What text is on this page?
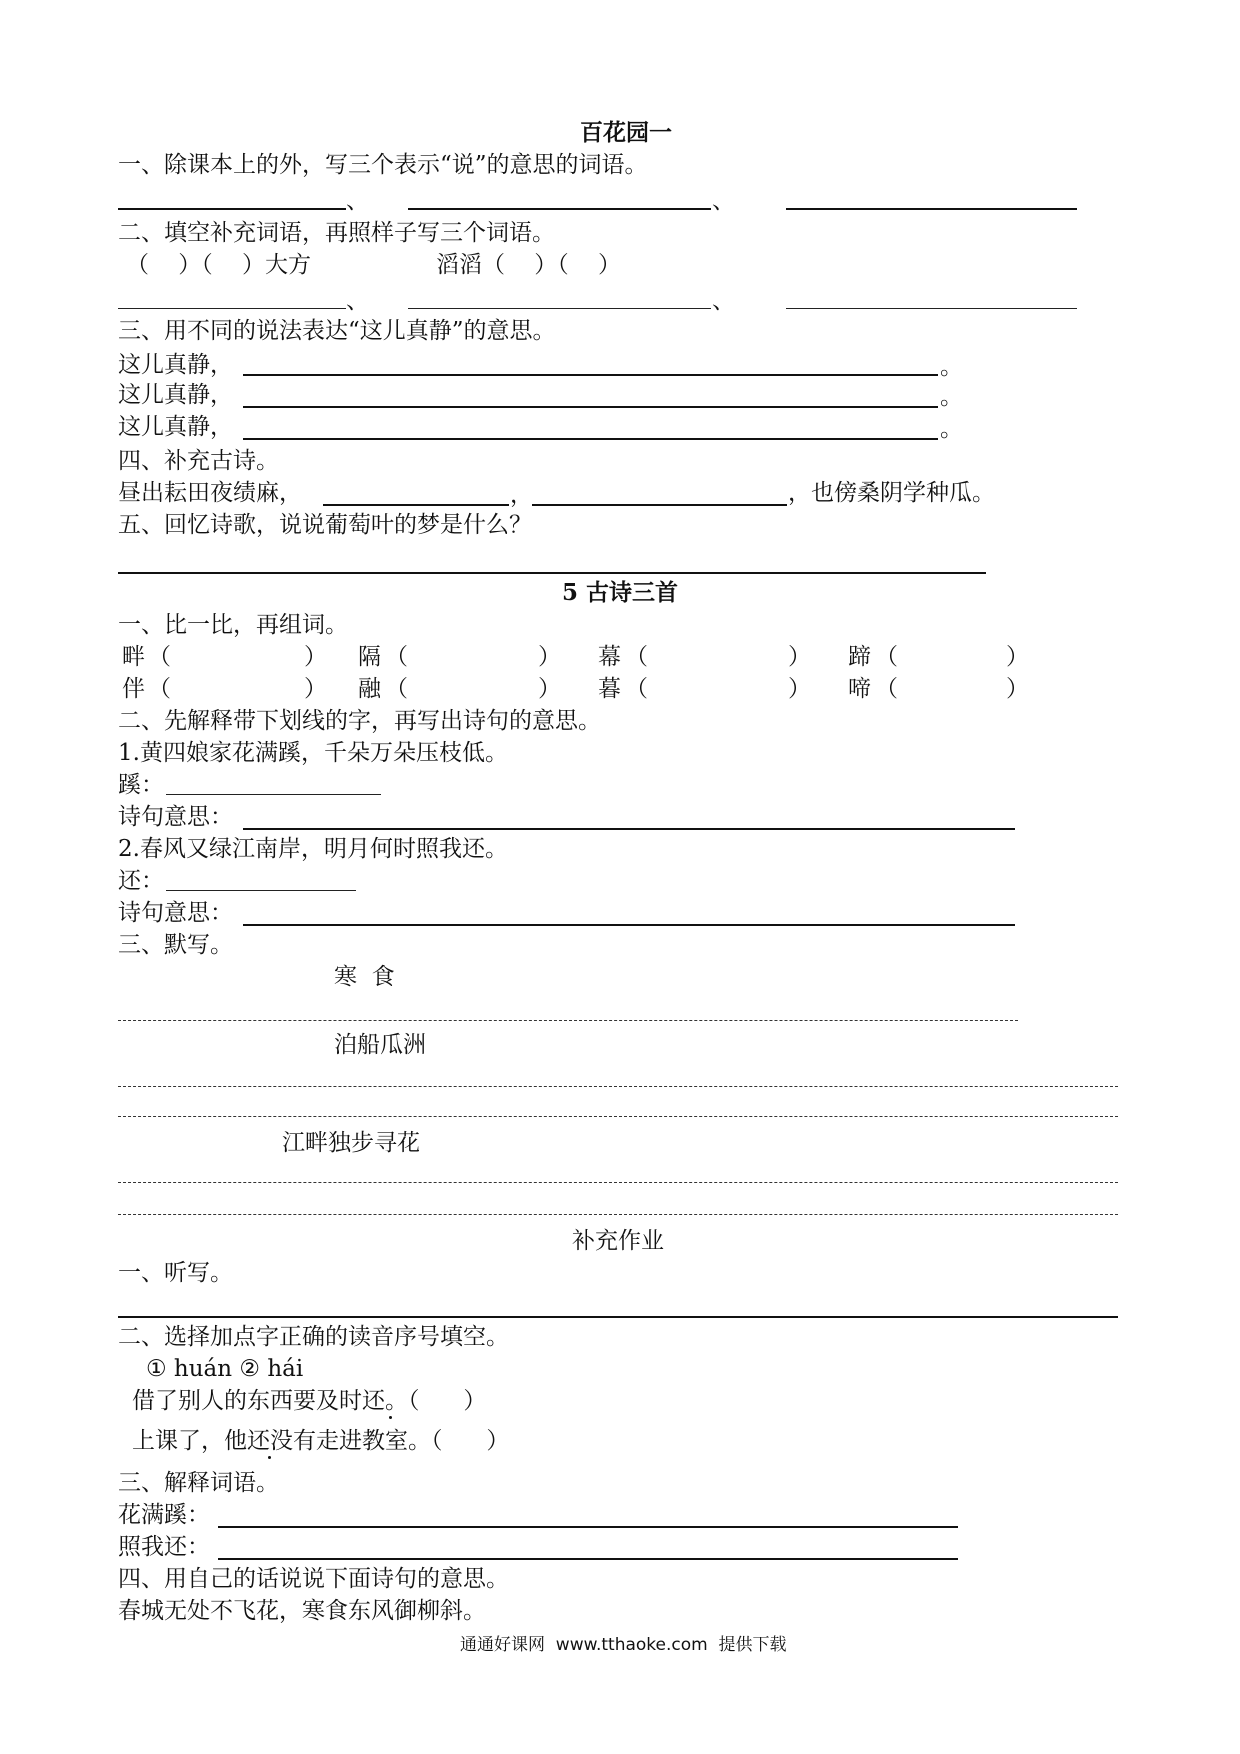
百花园一
一、除课本上的外，写三个表示“说”的意思的词语。
、	、
二、填空补充词语，再照样子写三个词语。
（    ）（    ）大方	滔滔（    ）（    ）
、	、
三、用不同的说法表达“这儿真静”的意思。
这儿真静，	。
这儿真静，	。
这儿真静，	。
四、补充古诗。
昼出耘田夜绩麻，	，	，也傍桑阴学种瓜。
五、回忆诗歌，说说葡萄叶的梦是什么？
5 古诗三首
一、比一比，再组词。
畔 （	） 隔 （	） 幕 （	） 蹄 （	）
伴 （	） 融 （	） 暮 （	） 啼 （	）
二、先解释带下划线的字，再写出诗句的意思。
1.黄四娘家花满蹊，千朵万朵压枝低。
蹊：
诗句意思：
2.春风又绿江南岸，明月何时照我还。
还：
诗句意思：
三、默写。
寒  食
泊船瓜洲
江畔独步寻花
补充作业
一、听写。
二、选择加点字正确的读音序号填空。
① huán ② hái
借了别人的东西要及时还。（      ）
上课了，他还没有走进教室。（      ）
三、解释词语。
花满蹊：
照我还：
四、用自己的话说说下面诗句的意思。
春城无处不飞花，寒食东风御柳斜。
通通好课网  www.tthaoke.com  提供下载
